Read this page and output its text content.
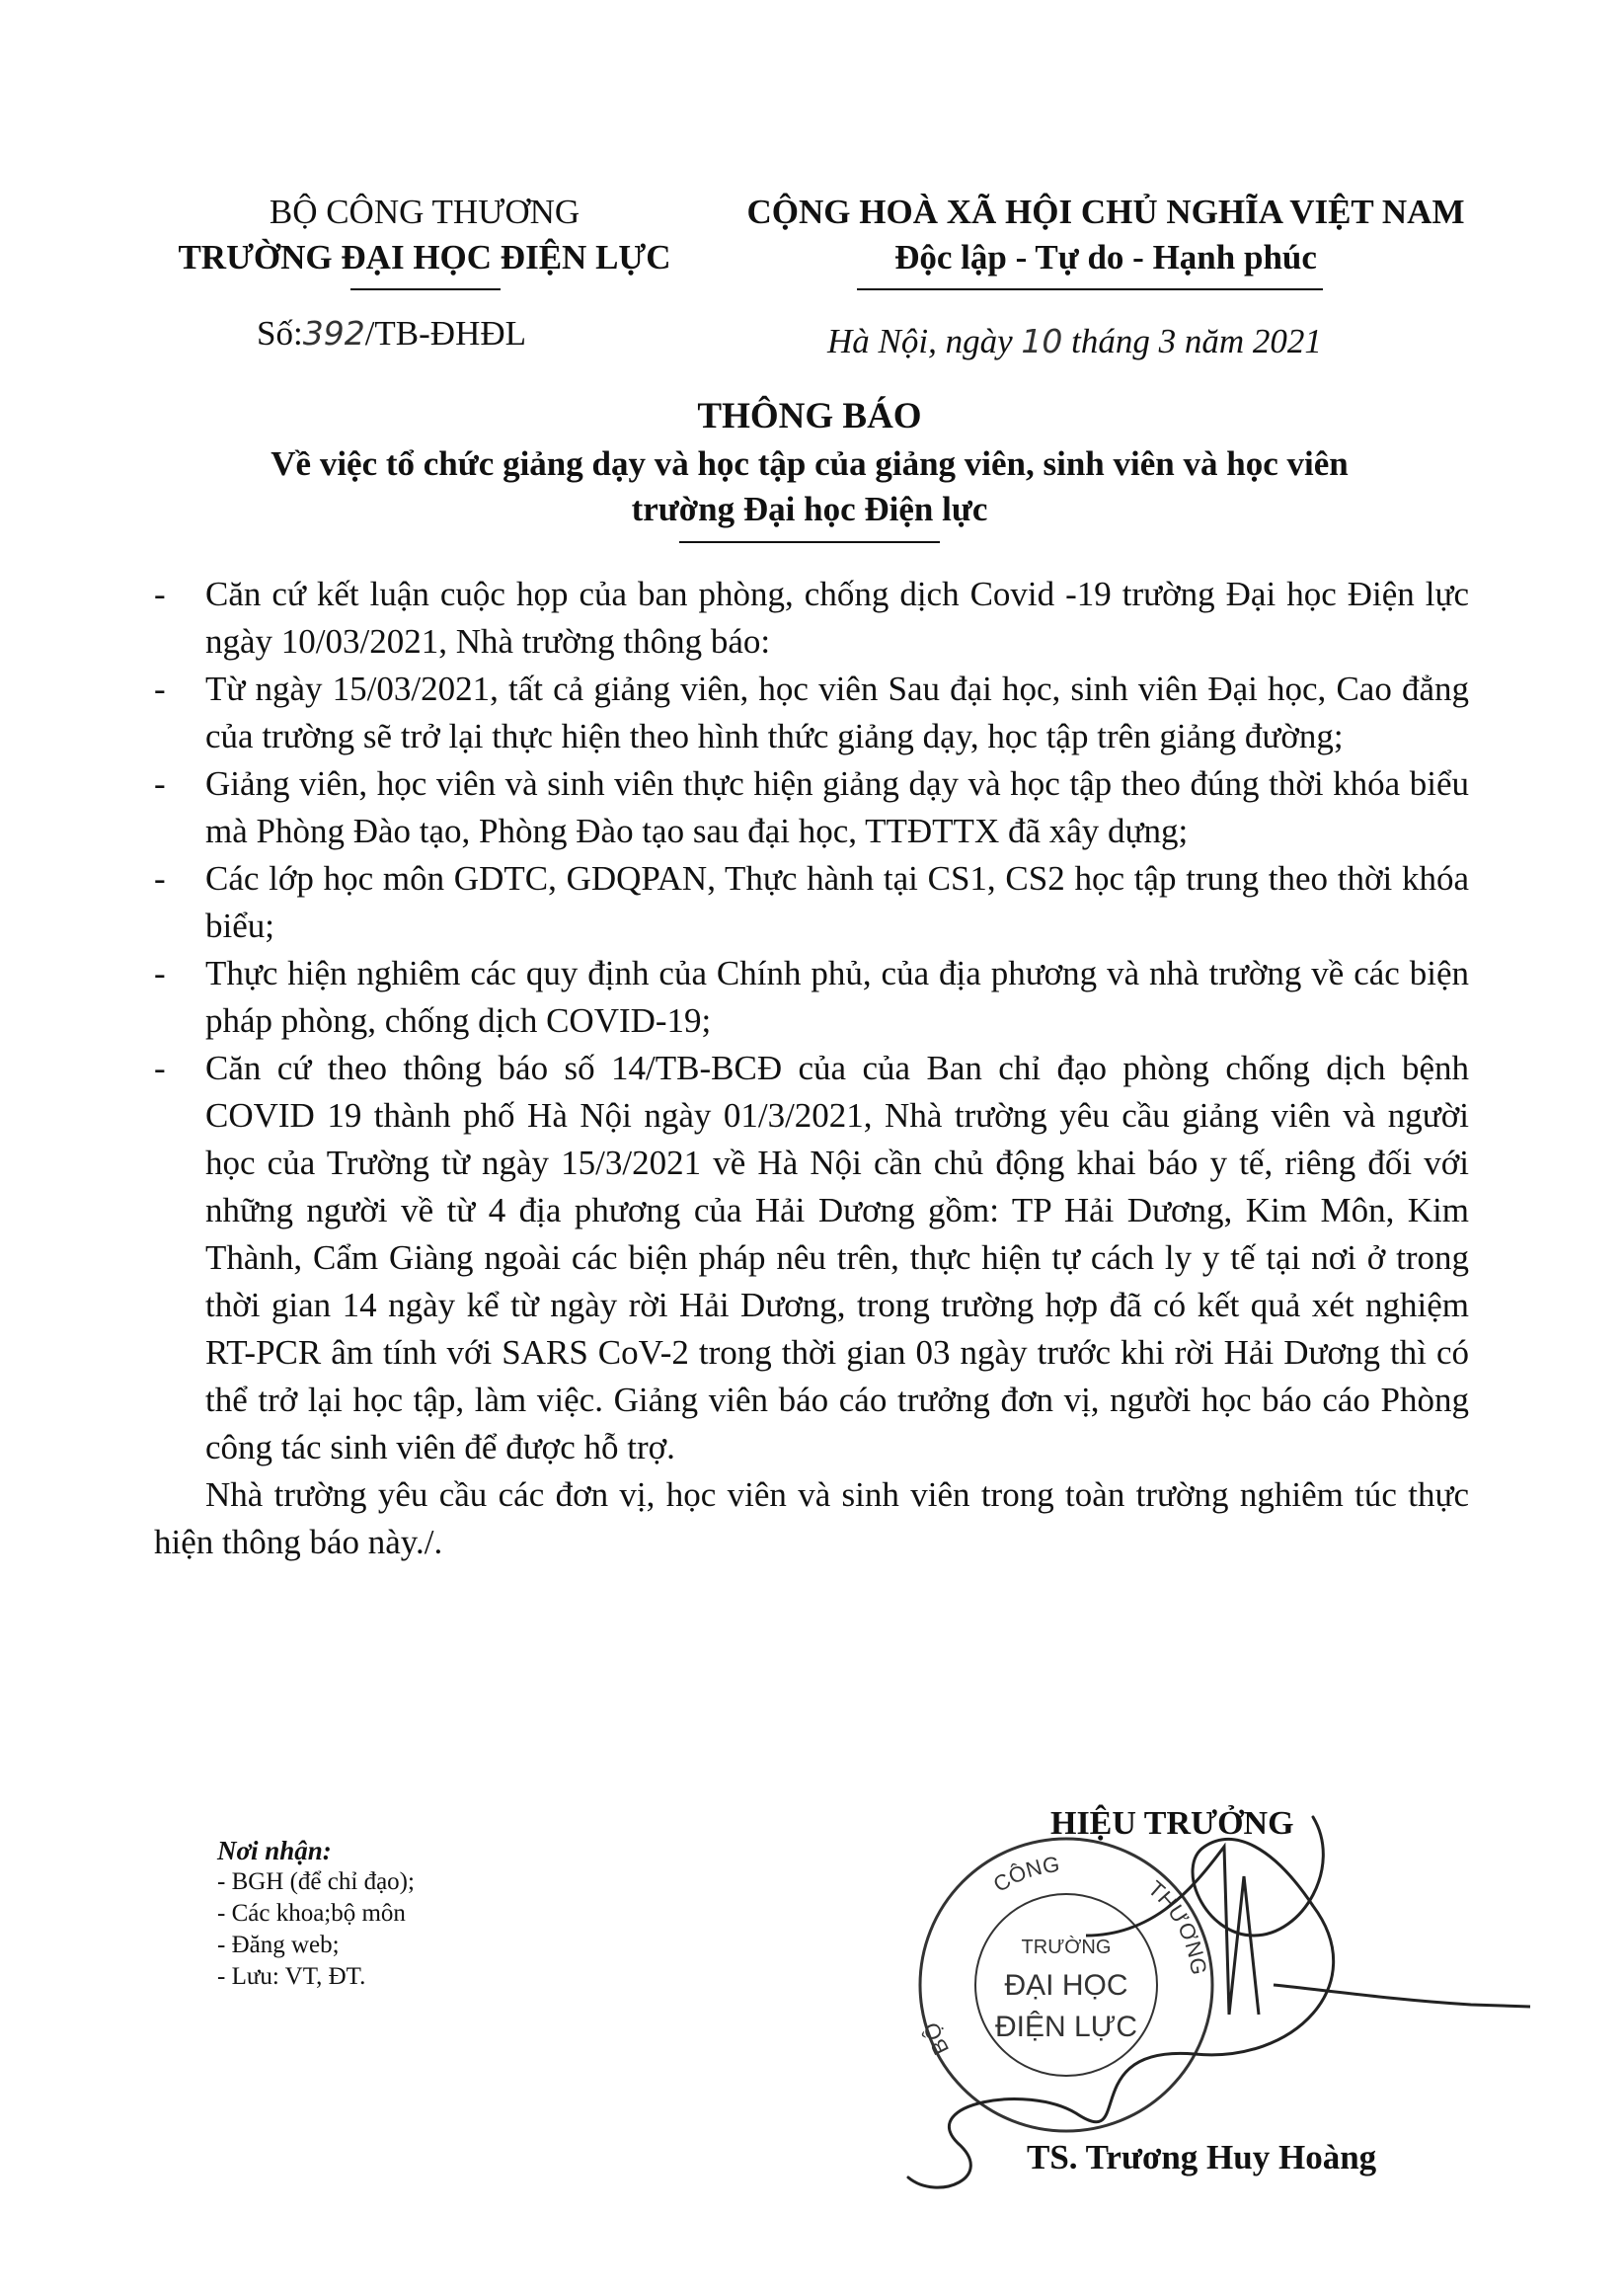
BỘ CÔNG THƯƠNG
TRƯỜNG ĐẠI HỌC ĐIỆN LỰC
CỘNG HOÀ XÃ HỘI CHỦ NGHĨA VIỆT NAM
Độc lập - Tự do - Hạnh phúc
Số:392/TB-ĐHĐL	Hà Nội, ngày 10 tháng 3 năm 2021
THÔNG BÁO
Về việc tổ chức giảng dạy và học tập của giảng viên, sinh viên và học viên
trường Đại học Điện lực
- Căn cứ kết luận cuộc họp của ban phòng, chống dịch Covid -19 trường Đại học Điện lực ngày 10/03/2021, Nhà trường thông báo:
- Từ ngày 15/03/2021, tất cả giảng viên, học viên Sau đại học, sinh viên Đại học, Cao đẳng của trường sẽ trở lại thực hiện theo hình thức giảng dạy, học tập trên giảng đường;
- Giảng viên, học viên và sinh viên thực hiện giảng dạy và học tập theo đúng thời khóa biểu mà Phòng Đào tạo, Phòng Đào tạo sau đại học, TTĐTTX đã xây dựng;
- Các lớp học môn GDTC, GDQPAN, Thực hành tại CS1, CS2 học tập trung theo thời khóa biểu;
- Thực hiện nghiêm các quy định của Chính phủ, của địa phương và nhà trường về các biện pháp phòng, chống dịch COVID-19;
- Căn cứ theo thông báo số 14/TB-BCĐ của của Ban chỉ đạo phòng chống dịch bệnh COVID 19 thành phố Hà Nội ngày 01/3/2021, Nhà trường yêu cầu giảng viên và người học của Trường từ ngày 15/3/2021 về Hà Nội cần chủ động khai báo y tế, riêng đối với những người về từ 4 địa phương của Hải Dương gồm: TP Hải Dương, Kim Môn, Kim Thành, Cẩm Giàng ngoài các biện pháp nêu trên, thực hiện tự cách ly y tế tại nơi ở trong thời gian 14 ngày kể từ ngày rời Hải Dương, trong trường hợp đã có kết quả xét nghiệm RT-PCR âm tính với SARS CoV-2 trong thời gian 03 ngày trước khi rời Hải Dương thì có thể trở lại học tập, làm việc. Giảng viên báo cáo trưởng đơn vị, người học báo cáo Phòng công tác sinh viên để được hỗ trợ.
Nhà trường yêu cầu các đơn vị, học viên và sinh viên trong toàn trường nghiêm túc thực hiện thông báo này./.
Nơi nhận:
- BGH (để chỉ đạo);
- Các khoa;bộ môn
- Đăng web;
- Lưu: VT, ĐT.
HIỆU TRƯỞNG
CÔNG
BỘ
THƯƠNG
TRƯỜNG
ĐẠI HỌC
ĐIỆN LỰC
TS. Trương Huy Hoàng
